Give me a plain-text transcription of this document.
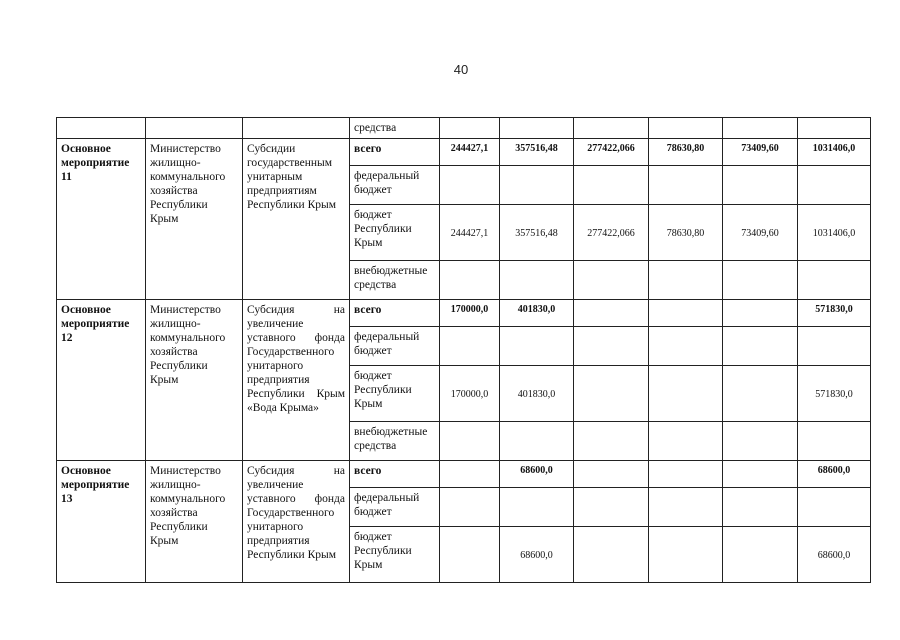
40
			средства						
Основное мероприятие 11	Министерство жилищно-коммунального хозяйства Республики Крым	Субсидии государственным унитарным предприятиям Республики Крым	всего	244427,1	357516,48	277422,066	78630,80	73409,60	1031406,0
			федеральный бюджет						
			бюджет Республики Крым	244427,1	357516,48	277422,066	78630,80	73409,60	1031406,0
			внебюджетные средства						
Основное мероприятие 12	Министерство жилищно-коммунального хозяйства Республики Крым	Субсидия на увеличение уставного фонда Государственного унитарного предприятия Республики Крым «Вода Крыма»	всего	170000,0	401830,0				571830,0
			федеральный бюджет						
			бюджет Республики Крым	170000,0	401830,0				571830,0
			внебюджетные средства						
Основное мероприятие 13	Министерство жилищно-коммунального хозяйства Республики Крым	Субсидия на увеличение уставного фонда Государственного унитарного предприятия Республики Крым	всего		68600,0				68600,0
			федеральный бюджет						
			бюджет Республики Крым		68600,0				68600,0
